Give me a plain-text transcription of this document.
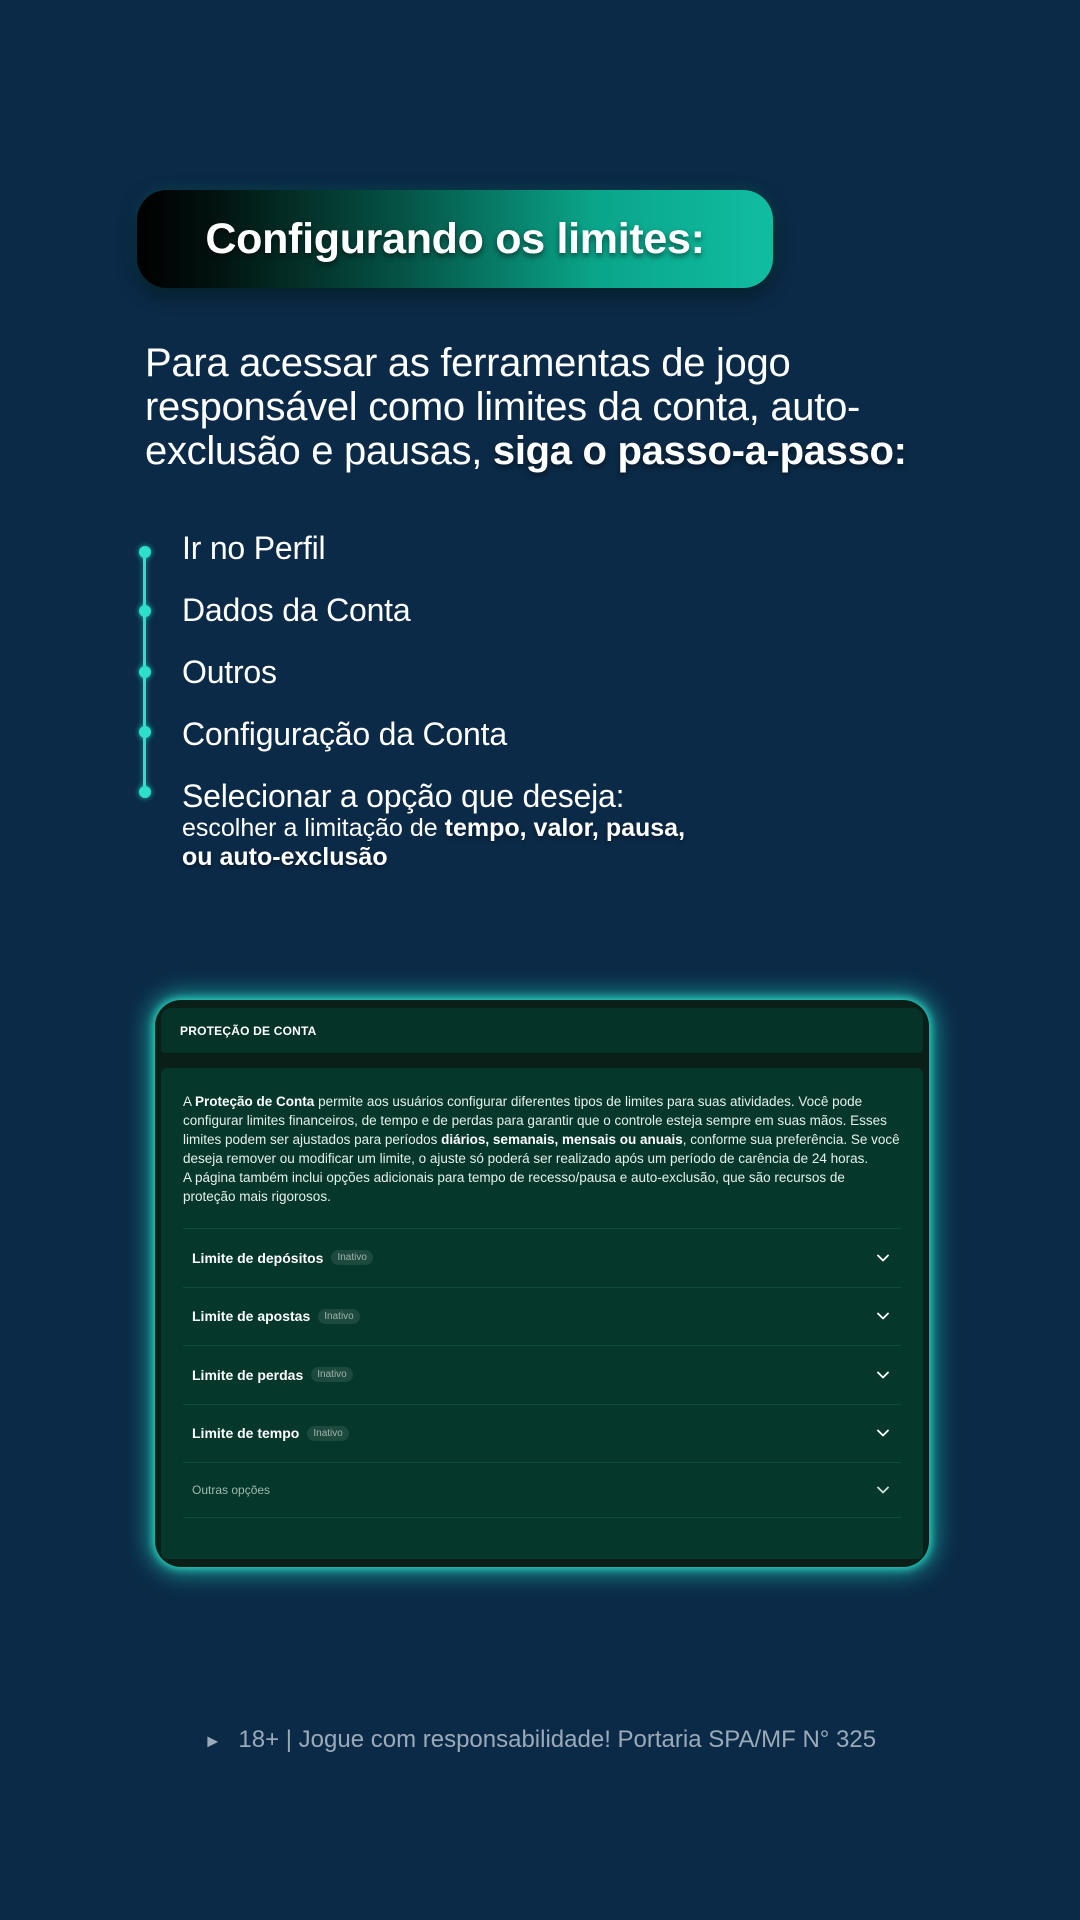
Configurando os limites:
Para acessar as ferramentas de jogo responsável como limites da conta, auto-exclusão e pausas, siga o passo-a-passo:
Ir no Perfil
Dados da Conta
Outros
Configuração da Conta
Selecionar a opção que deseja:
escolher a limitação de tempo, valor, pausa, ou auto-exclusão
PROTEÇÃO DE CONTA
A Proteção de Conta permite aos usuários configurar diferentes tipos de limites para suas atividades. Você pode configurar limites financeiros, de tempo e de perdas para garantir que o controle esteja sempre em suas mãos. Esses limites podem ser ajustados para períodos diários, semanais, mensais ou anuais, conforme sua preferência. Se você deseja remover ou modificar um limite, o ajuste só poderá ser realizado após um período de carência de 24 horas.
A página também inclui opções adicionais para tempo de recesso/pausa e auto-exclusão, que são recursos de proteção mais rigorosos.
Limite de depósitos	Inativo
Limite de apostas	Inativo
Limite de perdas	Inativo
Limite de tempo	Inativo
Outras opções
► 18+ | Jogue com responsabilidade! Portaria SPA/MF N° 325
